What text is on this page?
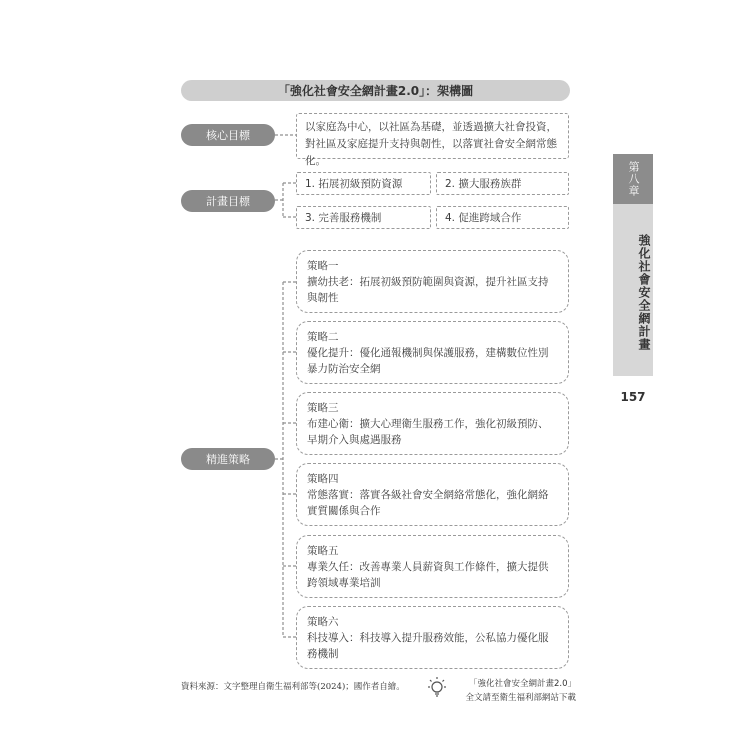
「強化社會安全網計畫2.0」：架構圖
核心目標
以家庭為中心，以社區為基礎，並透過擴大社會投資，對社區及家庭提升支持與韌性，以落實社會安全網常態化。
計畫目標
1. 拓展初級預防資源	2. 擴大服務族群
3. 完善服務機制	4. 促進跨域合作
精進策略
策略一
擴幼扶老：拓展初級預防範圍與資源，提升社區支持與韌性
策略二
優化提升：優化通報機制與保護服務，建構數位性別暴力防治安全網
策略三
布建心衛：擴大心理衛生服務工作，強化初級預防、早期介入與處遇服務
策略四
常態落實：落實各級社會安全網絡常態化，強化網絡實質關係與合作
策略五
專業久任：改善專業人員薪資與工作條件，擴大提供跨領域專業培訓
策略六
科技導入：科技導入提升服務效能，公私協力優化服務機制
第八章
強化社會安全網計畫
157
資料來源：文字整理自衛生福利部等(2024)；國作者自繪。	「強化社會安全網計畫2.0」
全文請至衛生福利部網站下載
